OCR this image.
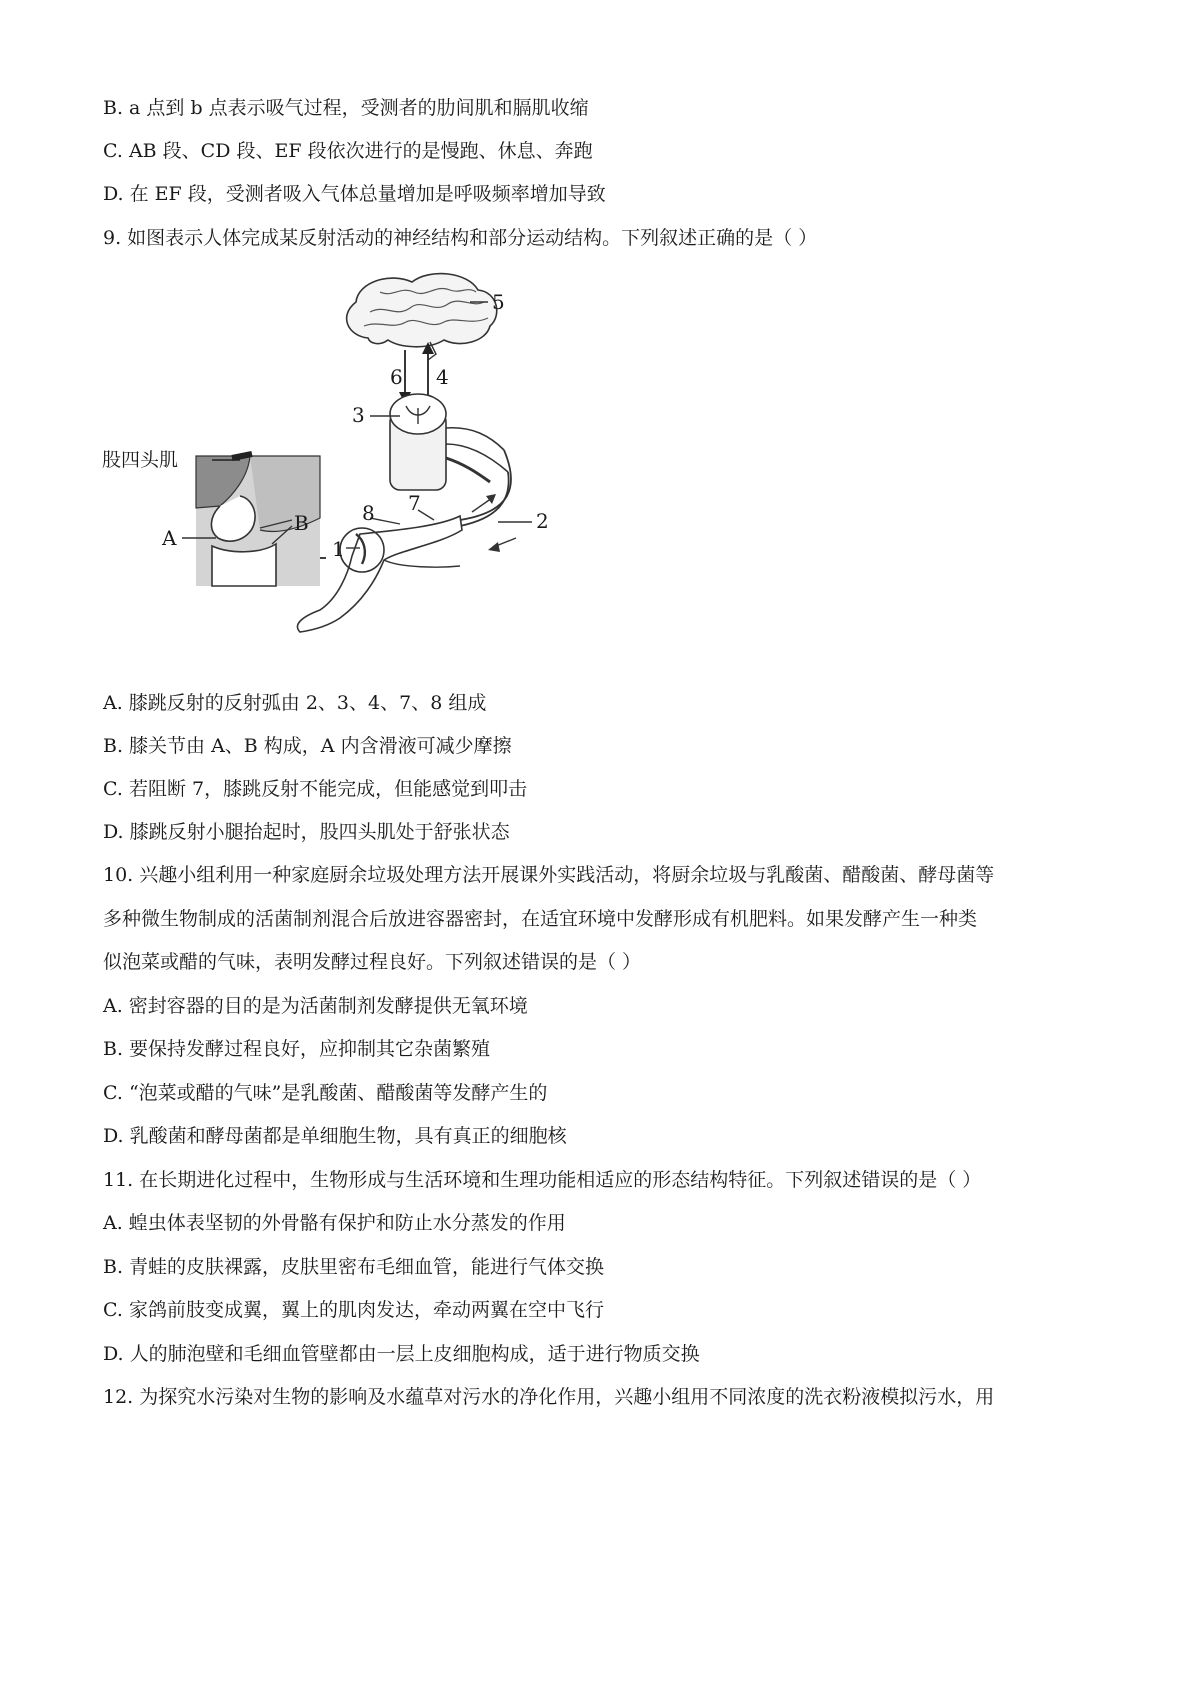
B. a 点到 b 点表示吸气过程，受测者的肋间肌和膈肌收缩
C. AB 段、CD 段、EF 段依次进行的是慢跑、休息、奔跑
D. 在 EF 段，受测者吸入气体总量增加是呼吸频率增加导致
9. 如图表示人体完成某反射活动的神经结构和部分运动结构。下列叙述正确的是（ ）
5
6 4
3
2
1
8 7
股四头肌
A
B
A. 膝跳反射的反射弧由 2、3、4、7、8 组成
B. 膝关节由 A、B 构成，A 内含滑液可减少摩擦
C. 若阻断 7，膝跳反射不能完成，但能感觉到叩击
D. 膝跳反射小腿抬起时，股四头肌处于舒张状态
10. 兴趣小组利用一种家庭厨余垃圾处理方法开展课外实践活动，将厨余垃圾与乳酸菌、醋酸菌、酵母菌等
多种微生物制成的活菌制剂混合后放进容器密封，在适宜环境中发酵形成有机肥料。如果发酵产生一种类
似泡菜或醋的气味，表明发酵过程良好。下列叙述错误的是（ ）
A. 密封容器的目的是为活菌制剂发酵提供无氧环境
B. 要保持发酵过程良好，应抑制其它杂菌繁殖
C. “泡菜或醋的气味”是乳酸菌、醋酸菌等发酵产生的
D. 乳酸菌和酵母菌都是单细胞生物，具有真正的细胞核
11. 在长期进化过程中，生物形成与生活环境和生理功能相适应的形态结构特征。下列叙述错误的是（ ）
A. 蝗虫体表坚韧的外骨骼有保护和防止水分蒸发的作用
B. 青蛙的皮肤裸露，皮肤里密布毛细血管，能进行气体交换
C. 家鸽前肢变成翼，翼上的肌肉发达，牵动两翼在空中飞行
D. 人的肺泡壁和毛细血管壁都由一层上皮细胞构成，适于进行物质交换
12. 为探究水污染对生物的影响及水蕴草对污水的净化作用，兴趣小组用不同浓度的洗衣粉液模拟污水，用
